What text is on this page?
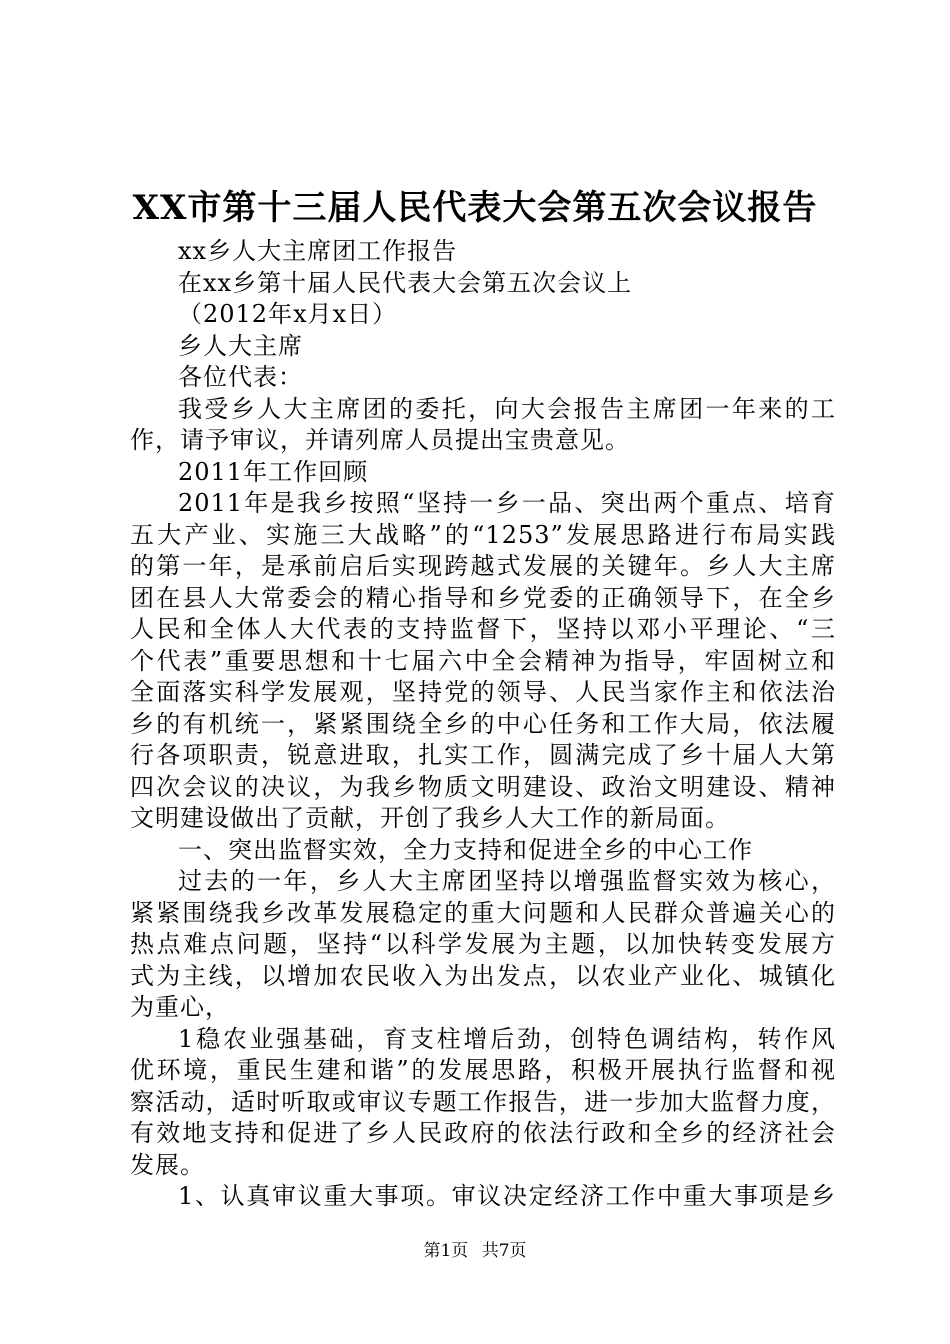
XX市第十三届人民代表大会第五次会议报告
xx乡人大主席团工作报告
在xx乡第十届人民代表大会第五次会议上
（2012年x月x日）
乡人大主席
各位代表：
我受乡人大主席团的委托，向大会报告主席团一年来的工
作，请予审议，并请列席人员提出宝贵意见。
2011年工作回顾
2011年是我乡按照“坚持一乡一品、突出两个重点、培育
五大产业、实施三大战略”的“1253”发展思路进行布局实践
的第一年，是承前启后实现跨越式发展的关键年。乡人大主席
团在县人大常委会的精心指导和乡党委的正确领导下，在全乡
人民和全体人大代表的支持监督下，坚持以邓小平理论、“三
个代表”重要思想和十七届六中全会精神为指导，牢固树立和
全面落实科学发展观，坚持党的领导、人民当家作主和依法治
乡的有机统一，紧紧围绕全乡的中心任务和工作大局，依法履
行各项职责，锐意进取，扎实工作，圆满完成了乡十届人大第
四次会议的决议，为我乡物质文明建设、政治文明建设、精神
文明建设做出了贡献，开创了我乡人大工作的新局面。
一、突出监督实效，全力支持和促进全乡的中心工作
过去的一年，乡人大主席团坚持以增强监督实效为核心，
紧紧围绕我乡改革发展稳定的重大问题和人民群众普遍关心的
热点难点问题，坚持“以科学发展为主题，以加快转变发展方
式为主线，以增加农民收入为出发点，以农业产业化、城镇化
为重心，
1稳农业强基础，育支柱增后劲，创特色调结构，转作风
优环境，重民生建和谐”的发展思路，积极开展执行监督和视
察活动，适时听取或审议专题工作报告，进一步加大监督力度，
有效地支持和促进了乡人民政府的依法行政和全乡的经济社会
发展。
1、认真审议重大事项。审议决定经济工作中重大事项是乡
第1页 共7页
